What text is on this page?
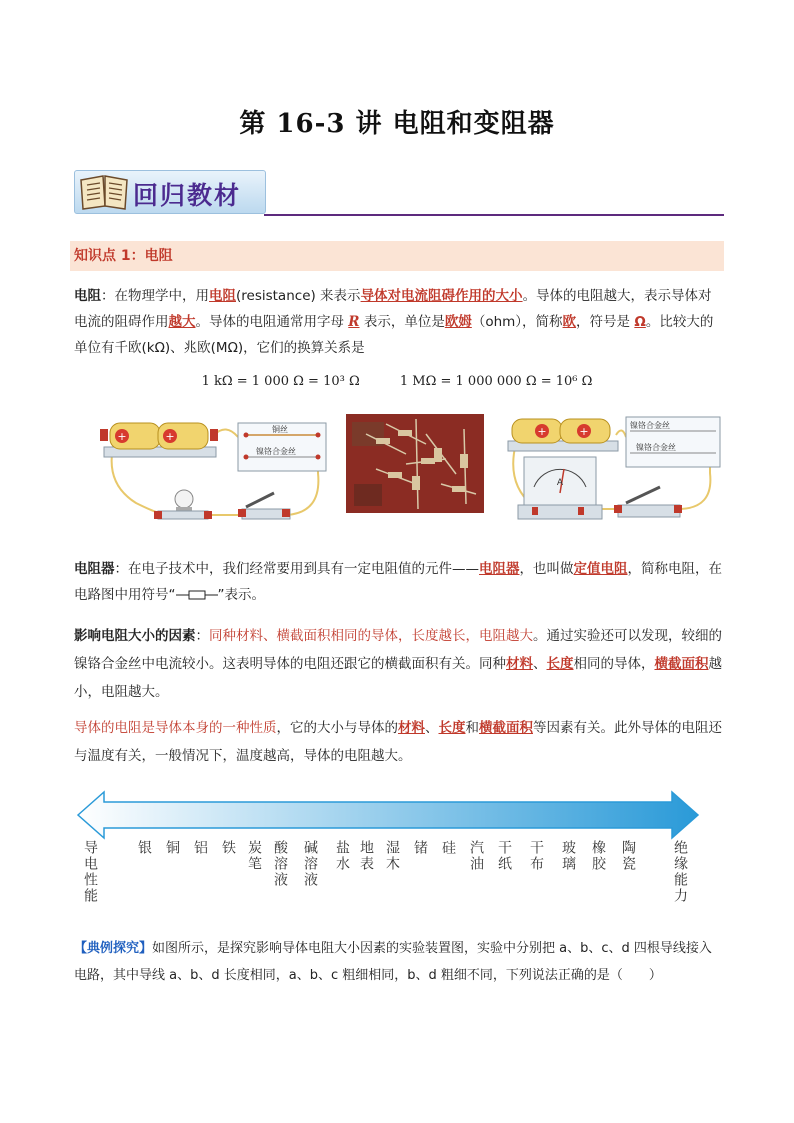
第 16-3 讲 电阻和变阻器
回归教材
知识点 1：电阻
电阻：在物理学中，用电阻(resistance) 来表示导体对电流阻碍作用的大小。导体的电阻越大，表示导体对电流的阻碍作用越大。导体的电阻通常用字母 R 表示，单位是欧姆（ohm），简称欧，符号是 Ω。比较大的单位有千欧(kΩ)、兆欧(MΩ)，它们的换算关系是
1 kΩ = 1 000 Ω = 10³ Ω	1 MΩ = 1 000 000 Ω = 10⁶ Ω
+	+
铜丝
镍铬合金丝
+	+	镍铬合金丝
镍铬合金丝
A
电阻器：在电子技术中，我们经常要用到具有一定电阻值的元件——电阻器，也叫做定值电阻，简称电阻，在电路图中用符号“	”表示。
影响电阻大小的因素：同种材料、横截面积相同的导体，长度越长，电阻越大。通过实验还可以发现，较细的镍铬合金丝中电流较小。这表明导体的电阻还跟它的横截面积有关。同种材料、长度相同的导体，横截面积越小，电阻越大。
导体的电阻是导体本身的一种性质，它的大小与导体的材料、长度和横截面积等因素有关。此外导体的电阻还与温度有关，一般情况下，温度越高，导体的电阻越大。
导电性能	银 铜 铝 铁 炭笔 酸溶液 碱溶液 盐水 地表 湿木 锗 硅 汽油 干纸 干布 玻璃 橡胶 陶瓷	绝缘能力
【典例探究】如图所示，是探究影响导体电阻大小因素的实验装置图，实验中分别把 a、b、c、d 四根导线接入电路，其中导线 a、b、d 长度相同，a、b、c 粗细相同，b、d 粗细不同，下列说法正确的是（　　）
